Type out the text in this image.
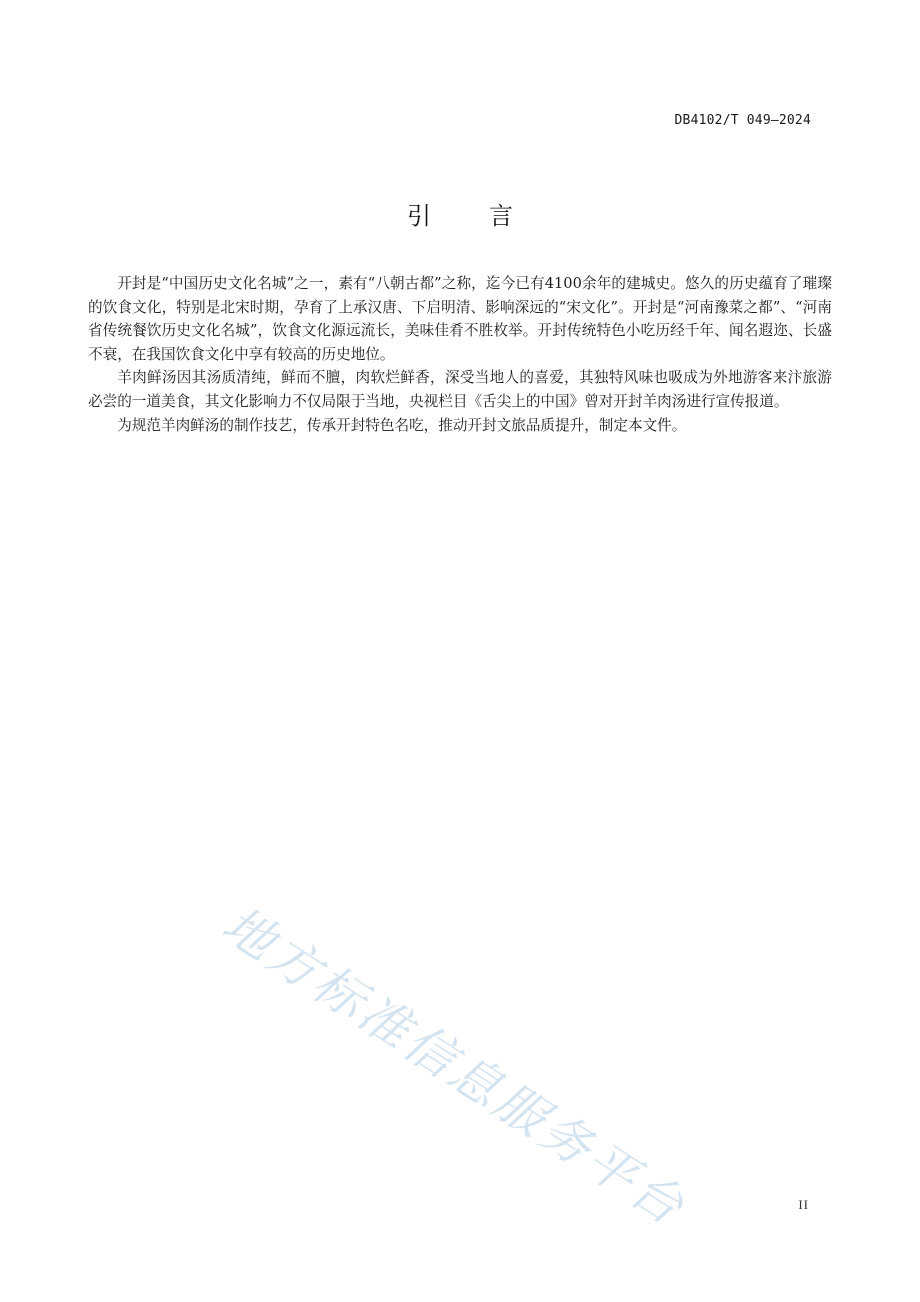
DB4102/T 049—2024
引 言

开封是“中国历史文化名城”之一，素有“八朝古都”之称，迄今已有4100余年的建城史。悠久的历史蕴育了璀璨的饮食文化，特别是北宋时期，孕育了上承汉唐、下启明清、影响深远的“宋文化”。开封是“河南豫菜之都”、“河南省传统餐饮历史文化名城”，饮食文化源远流长，美味佳肴不胜枚举。开封传统特色小吃历经千年、闻名遐迩、长盛不衰，在我国饮食文化中享有较高的历史地位。

羊肉鲜汤因其汤质清纯，鲜而不膻，肉软烂鲜香，深受当地人的喜爱，其独特风味也吸成为外地游客来汴旅游必尝的一道美食，其文化影响力不仅局限于当地，央视栏目《舌尖上的中国》曾对开封羊肉汤进行宣传报道。

为规范羊肉鲜汤的制作技艺，传承开封特色名吃，推动开封文旅品质提升，制定本文件。

地方标准信息服务平台	II
